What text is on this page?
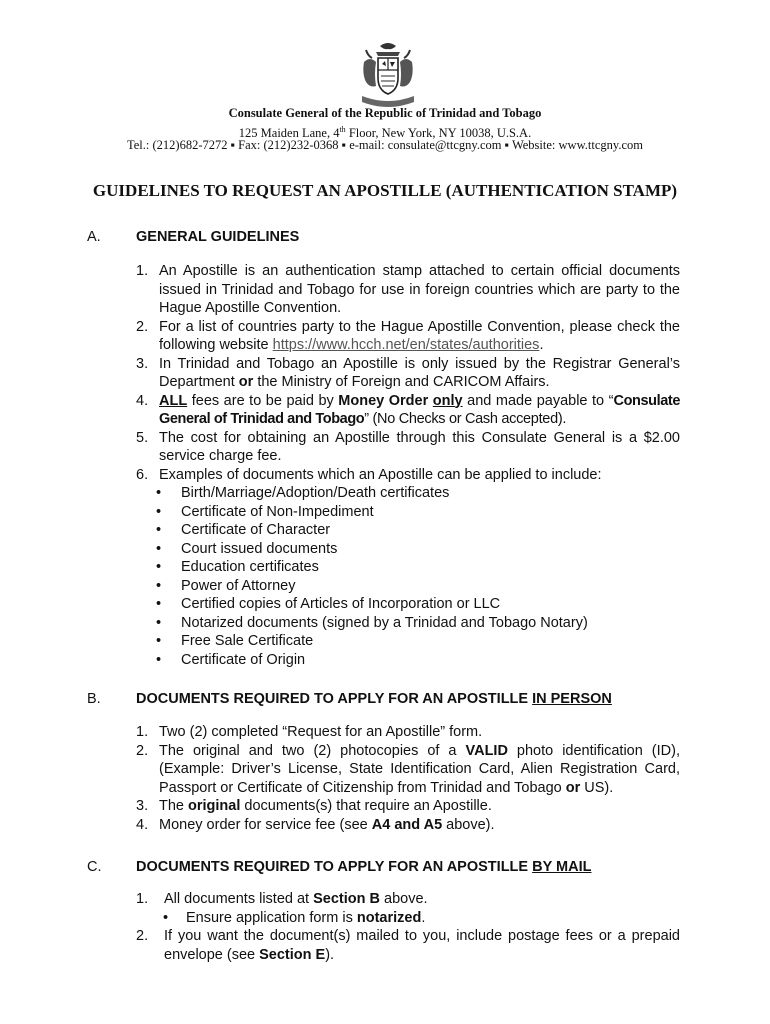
Consulate General of the Republic of Trinidad and Tobago
125 Maiden Lane, 4th Floor, New York, NY 10038, U.S.A.
Tel.: (212)682-7272 ▪ Fax: (212)232-0368 ▪ e-mail: consulate@ttcgny.com ▪ Website: www.ttcgny.com
GUIDELINES TO REQUEST AN APOSTILLE (AUTHENTICATION STAMP)
A. GENERAL GUIDELINES
1. An Apostille is an authentication stamp attached to certain official documents issued in Trinidad and Tobago for use in foreign countries which are party to the Hague Apostille Convention.
2. For a list of countries party to the Hague Apostille Convention, please check the following website https://www.hcch.net/en/states/authorities.
3. In Trinidad and Tobago an Apostille is only issued by the Registrar General’s Department or the Ministry of Foreign and CARICOM Affairs.
4. ALL fees are to be paid by Money Order only and made payable to “Consulate General of Trinidad and Tobago” (No Checks or Cash accepted).
5. The cost for obtaining an Apostille through this Consulate General is a $2.00 service charge fee.
6. Examples of documents which an Apostille can be applied to include:
• Birth/Marriage/Adoption/Death certificates
• Certificate of Non-Impediment
• Certificate of Character
• Court issued documents
• Education certificates
• Power of Attorney
• Certified copies of Articles of Incorporation or LLC
• Notarized documents (signed by a Trinidad and Tobago Notary)
• Free Sale Certificate
• Certificate of Origin
B. DOCUMENTS REQUIRED TO APPLY FOR AN APOSTILLE IN PERSON
1. Two (2) completed “Request for an Apostille” form.
2. The original and two (2) photocopies of a VALID photo identification (ID), (Example: Driver’s License, State Identification Card, Alien Registration Card, Passport or Certificate of Citizenship from Trinidad and Tobago or US).
3. The original documents(s) that require an Apostille.
4. Money order for service fee (see A4 and A5 above).
C. DOCUMENTS REQUIRED TO APPLY FOR AN APOSTILLE BY MAIL
1. All documents listed at Section B above.
• Ensure application form is notarized.
2. If you want the document(s) mailed to you, include postage fees or a prepaid envelope (see Section E).
